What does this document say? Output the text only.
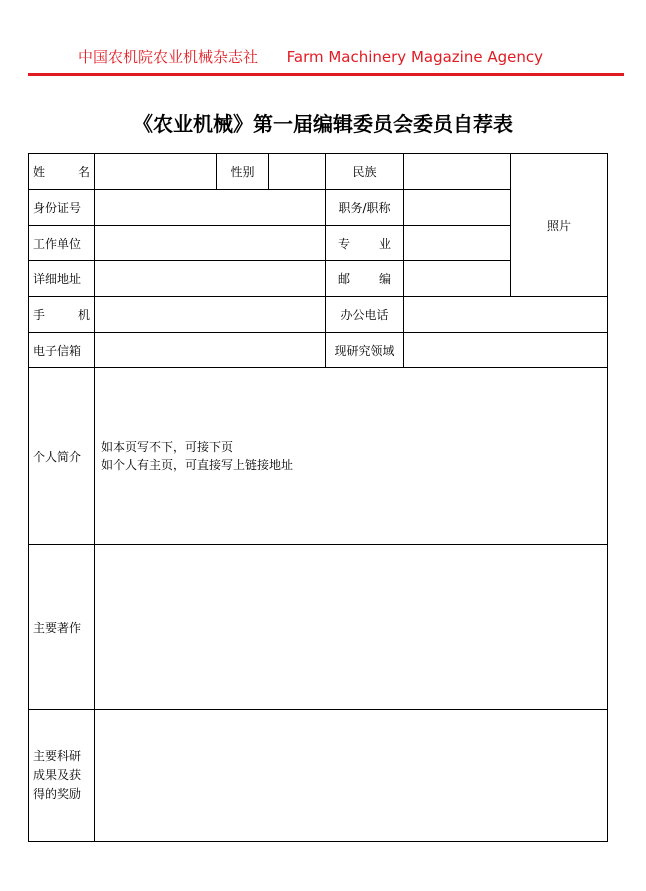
中国农机院农业机械杂志社 Farm Machinery Magazine Agency
《农业机械》第一届编辑委员会委员自荐表
姓 名		性别		民族		照片
身份证号				职务/职称		
工作单位				专 业		

详细地址				邮 编		

手 机				办公电话		
电子信箱				现研究领域		
个人简介	如本页写不下，可接下页
如个人有主页，可直接写上链接地址					

主要著作						

主要科研
成果及获
得的奖励						
